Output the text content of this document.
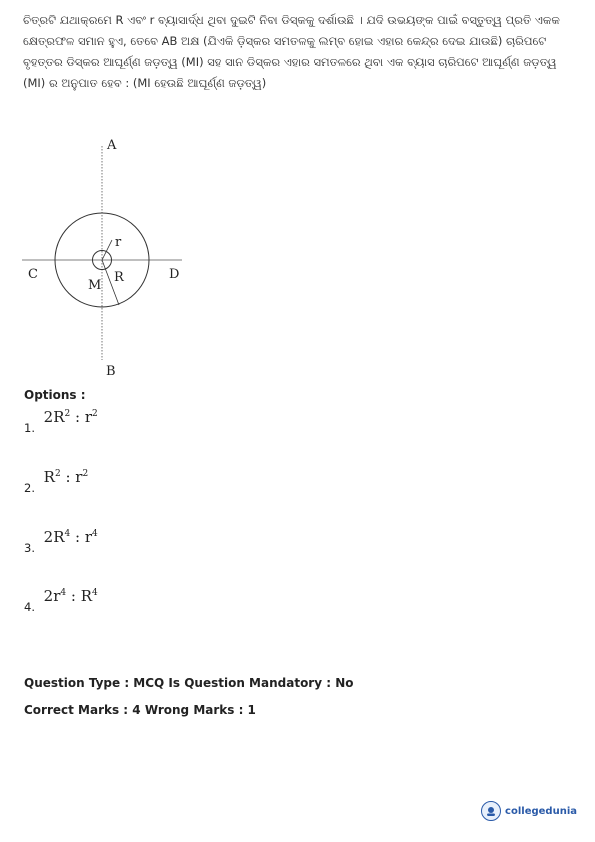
ଚିତ୍ରଟି ଯଥାକ୍ରମେ R ଏବଂ r ବ୍ୟାସାର୍ଦ୍ଧ ଥିବା ଦୁଇଟି ନିବା ଡିସ୍କକୁ ଦର୍ଶାଉଛି । ଯଦି ଉଭୟଙ୍କ ପାଇଁ ବସ୍ତୁତ୍ୱ ପ୍ରତି ଏକକ କ୍ଷେତ୍ରଫଳ ସମାନ ହୁଏ, ତେବେ AB ଅକ୍ଷ (ଯିଏକି ଡ଼ିସ୍କର ସମତଳକୁ ଲମ୍ବ ହୋଇ ଏହାର କେନ୍ଦ୍ର ଦେଇ ଯାଉଛି) ଚାରିପଟେ ବୃହତ୍ତର ଡିସ୍କର ଆଘୂର୍ଣ୍ଣ ଜଡ଼ତ୍ୱ (MI) ସହ ସାନ ଡିସ୍କର ଏହାର ସମତଳରେ ଥିବା ଏକ ବ୍ୟାସ ଚାରିପଟେ ଆଘୂର୍ଣ୍ଣ ଜଡ଼ତ୍ୱ (MI) ର ଅନୁପାତ ହେବ : (MI ହେଉଛି ଆଘୂର୍ଣ୍ଣ ଜଡ଼ତ୍ୱ)
A
B
C	D
M
R
r
Options :
1. $2R^2$ : $r^2$
2. $R^2$ : $r^2$
3. $2R^4$ : $r^4$
4. $2r^4$ : $R^4$
Question Type : MCQ Is Question Mandatory : No
Correct Marks : 4 Wrong Marks : 1
collegedunia
